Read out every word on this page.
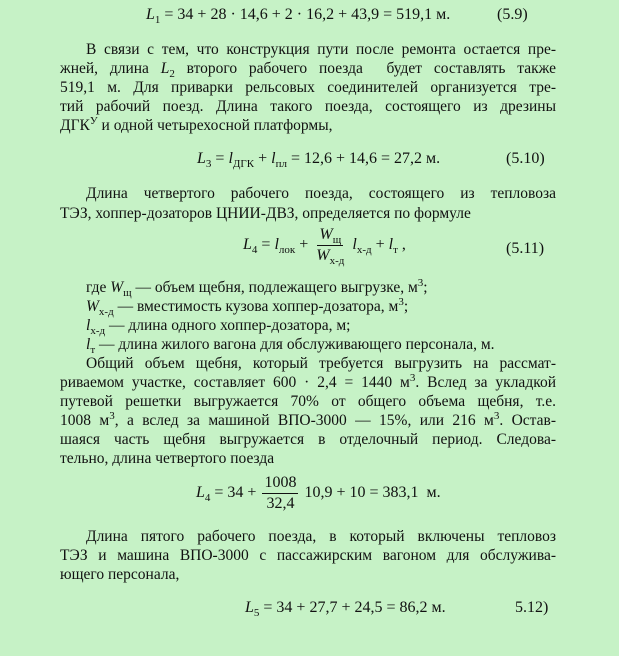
$L_1 = 34 + 28 \cdot 14,6 + 2 \cdot 16,2 + 43,9 = 519,1$ м.	(5.9)
В связи с тем, что конструкция пути после ремонта остается пре-
жней, длина $L_2$ второго рабочего поезда  будет составлять также
519,1 м. Для приварки рельсовых соединителей организуется тре-
тий рабочий поезд. Длина такого поезда, состоящего из дрезины
$ДГК^У$ и одной четырехосной платформы,
$L_3 = l_{ДГК} + l_{пл} = 12,6 + 14,6 = 27,2$ м.	(5.10)
Длина четвертого рабочего поезда, состоящего из тепловоза
ТЭЗ, хоппер-дозаторов ЦНИИ-ДВЗ, определяется по формуле
$L_4 = l_{лок} + \frac{W_щ}{W_{х-д}} l_{х-д} + l_т$ ,	(5.11)
где $W_щ$ — объем щебня, подлежащего выгрузке, $м^3$;
$W_{х-д}$ — вместимость кузова хоппер-дозатора, $м^3$;
$l_{х-д}$ — длина одного хоппер-дозатора, м;
$l_т$ — длина жилого вагона для обслуживающего персонала, м.
Общий объем щебня, который требуется выгрузить на рассмат-
риваемом участке, составляет 600 · 2,4 = 1440 $м^3$. Вслед за укладкой
путевой решетки выгружается 70% от общего объема щебня, т.е.
1008 $м^3$, а вслед за машиной ВПО-3000 — 15%, или 216 $м^3$. Остав-
шаяся часть щебня выгружается в отделочный период. Следова-
тельно, длина четвертого поезда
$L_4 = 34 + \frac{1008}{32,4} 10,9 + 10 = 383,1$  м.
Длина пятого рабочего поезда, в который включены тепловоз
ТЭЗ и машина ВПО-3000 с пассажирским вагоном для обслужива-
ющего персонала,
$L_5 = 34 + 27,7 + 24,5 = 86,2$ м.	5.12)
